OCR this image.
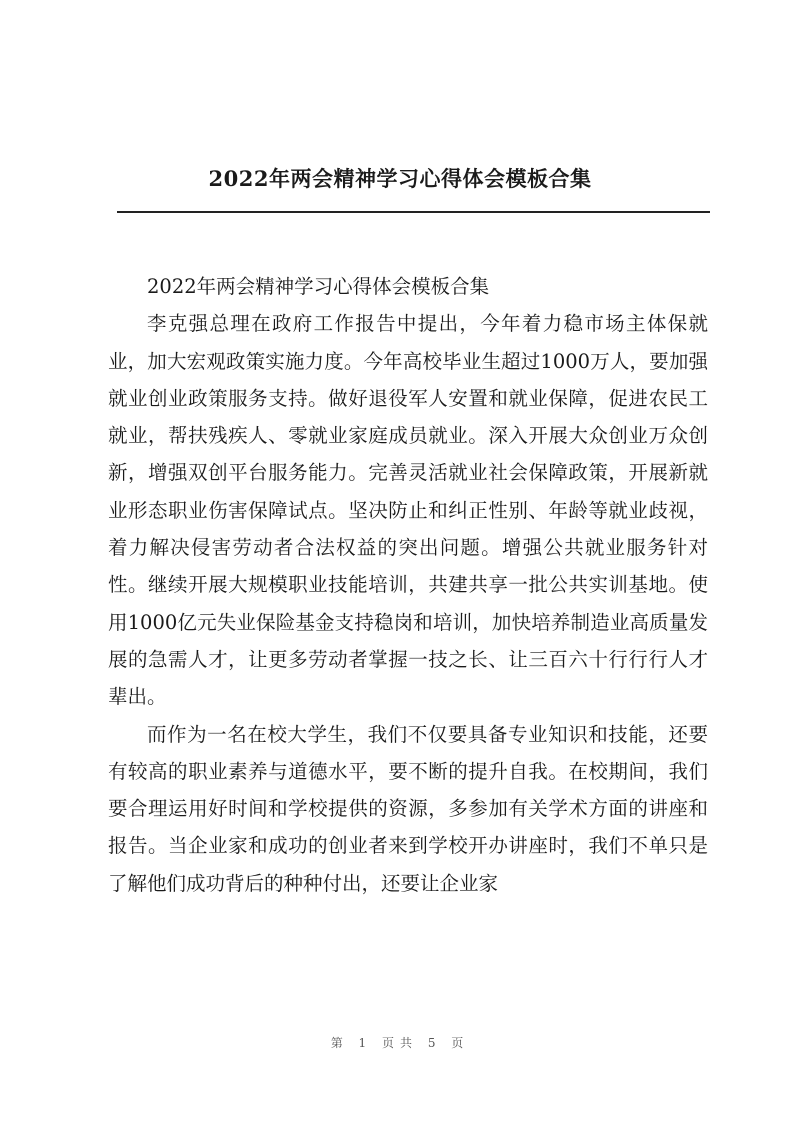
2022年两会精神学习心得体会模板合集

2022年两会精神学习心得体会模板合集

李克强总理在政府工作报告中提出，今年着力稳市场主体保就业，加大宏观政策实施力度。今年高校毕业生超过1000万人，要加强就业创业政策服务支持。做好退役军人安置和就业保障，促进农民工就业，帮扶残疾人、零就业家庭成员就业。深入开展大众创业万众创新，增强双创平台服务能力。完善灵活就业社会保障政策，开展新就业形态职业伤害保障试点。坚决防止和纠正性别、年龄等就业歧视，着力解决侵害劳动者合法权益的突出问题。增强公共就业服务针对性。继续开展大规模职业技能培训，共建共享一批公共实训基地。使用1000亿元失业保险基金支持稳岗和培训，加快培养制造业高质量发展的急需人才，让更多劳动者掌握一技之长、让三百六十行行行人才辈出。

而作为一名在校大学生，我们不仅要具备专业知识和技能，还要有较高的职业素养与道德水平，要不断的提升自我。在校期间，我们要合理运用好时间和学校提供的资源，多参加有关学术方面的讲座和报告。当企业家和成功的创业者来到学校开办讲座时，我们不单只是了解他们成功背后的种种付出，还要让企业家

第 1 页共 5 页
